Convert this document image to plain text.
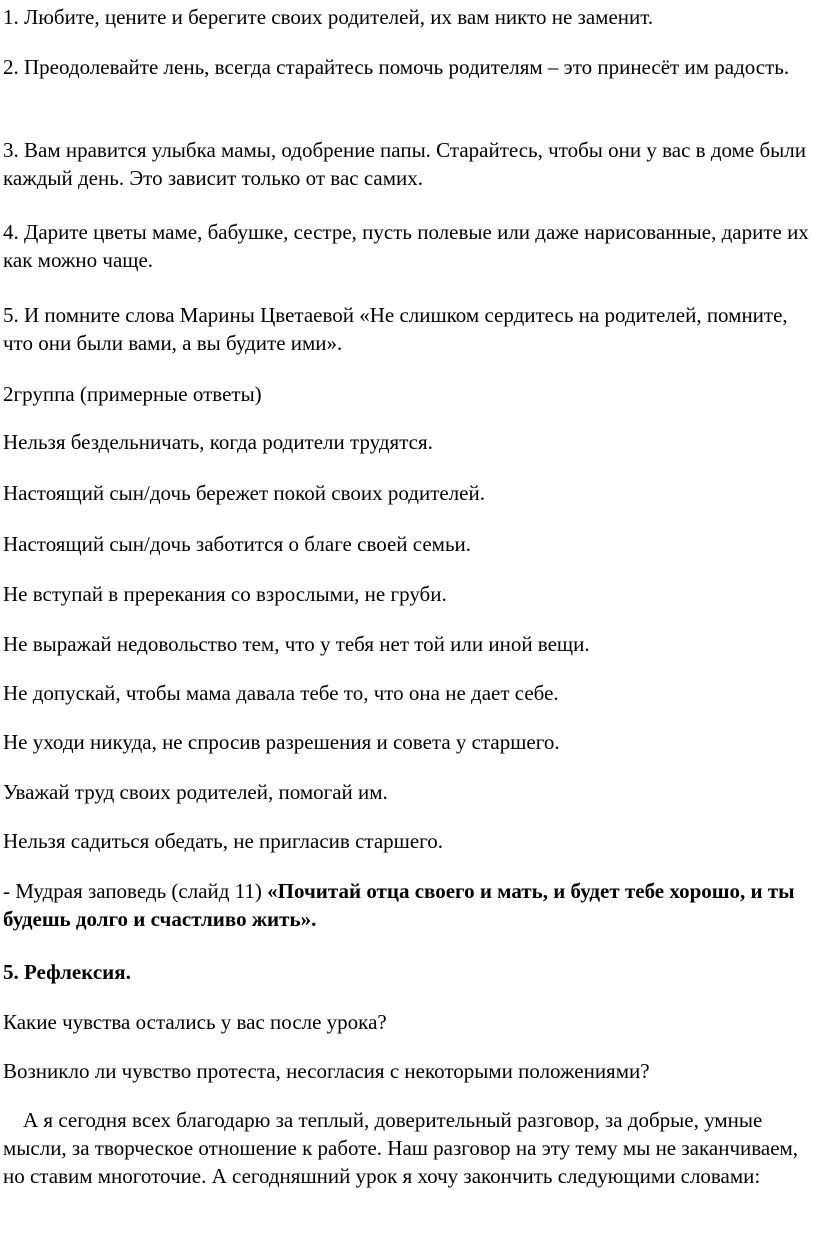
1. Любите, цените и берегите своих родителей, их вам никто не заменит.

2. Преодолевайте лень, всегда старайтесь помочь родителям – это принесёт им радость.

3. Вам нравится улыбка мамы, одобрение папы. Старайтесь, чтобы они у вас в доме были каждый день. Это зависит только от вас самих.

4. Дарите цветы маме, бабушке, сестре, пусть полевые или даже нарисованные, дарите их как можно чаще.

5. И помните слова Марины Цветаевой «Не слишком сердитесь на родителей, помните, что они были вами, а вы будите ими».

2группа (примерные ответы)

Нельзя бездельничать, когда родители трудятся.

Настоящий сын/дочь бережет покой своих родителей.

Настоящий сын/дочь заботится о благе своей семьи.

Не вступай в пререкания со взрослыми, не груби.

Не выражай недовольство тем, что у тебя нет той или иной вещи.

Не допускай, чтобы мама давала тебе то, что она не дает себе.

Не уходи никуда, не спросив разрешения и совета у старшего.

Уважай труд своих родителей, помогай им.

Нельзя садиться обедать, не пригласив старшего.

- Мудрая заповедь (слайд 11) «Почитай отца своего и мать, и будет тебе хорошо, и ты будешь долго и счастливо жить».

5. Рефлексия.

Какие чувства остались у вас после урока?

Возникло ли чувство протеста, несогласия с некоторыми положениями?

А я сегодня всех благодарю за теплый, доверительный разговор, за добрые, умные мысли, за творческое отношение к работе. Наш разговор на эту тему мы не заканчиваем, но ставим многоточие. А сегодняшний урок я хочу закончить следующими словами:
